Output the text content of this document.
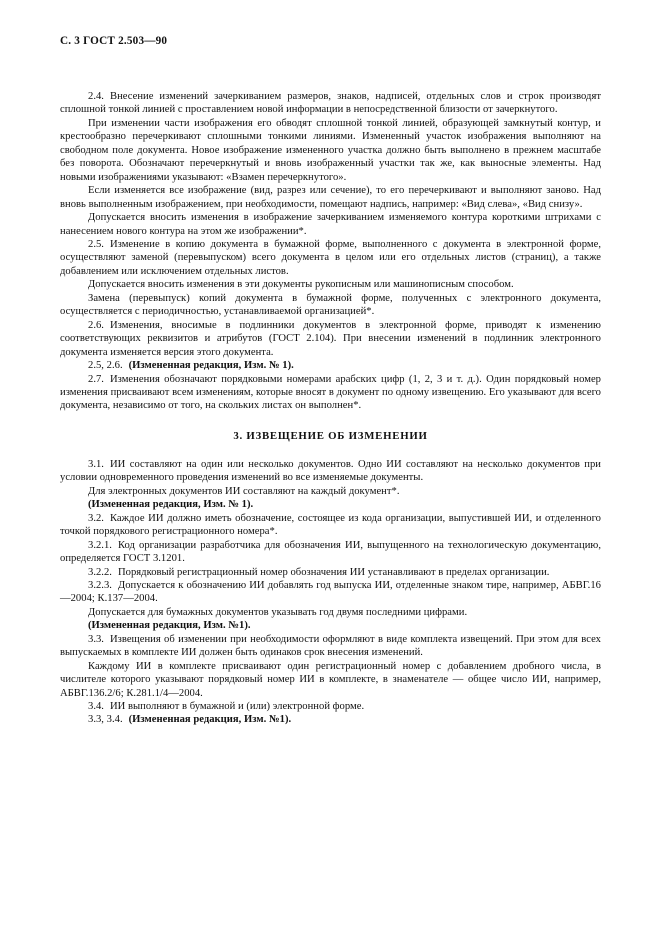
С. 3 ГОСТ 2.503—90

2.4. Внесение изменений зачеркиванием размеров, знаков, надписей, отдельных слов и строк производят сплошной тонкой линией с проставлением новой информации в непосредственной близости от зачеркнутого.

При изменении части изображения его обводят сплошной тонкой линией, образующей замкнутый контур, и крестообразно перечеркивают сплошными тонкими линиями. Измененный участок изображения выполняют на свободном поле документа. Новое изображение измененного участка должно быть выполнено в прежнем масштабе без поворота. Обозначают перечеркнутый и вновь изображенный участки так же, как выносные элементы. Над новыми изображениями указывают: «Взамен перечеркнутого».

Если изменяется все изображение (вид, разрез или сечение), то его перечеркивают и выполняют заново. Над вновь выполненным изображением, при необходимости, помещают надпись, например: «Вид слева», «Вид снизу».

Допускается вносить изменения в изображение зачеркиванием изменяемого контура короткими штрихами с нанесением нового контура на этом же изображении*.

2.5. Изменение в копию документа в бумажной форме, выполненного с документа в электронной форме, осуществляют заменой (перевыпуском) всего документа в целом или его отдельных листов (страниц), а также добавлением или исключением отдельных листов.

Допускается вносить изменения в эти документы рукописным или машинописным способом.

Замена (перевыпуск) копий документа в бумажной форме, полученных с электронного документа, осуществляется с периодичностью, устанавливаемой организацией*.

2.6. Изменения, вносимые в подлинники документов в электронной форме, приводят к изменению соответствующих реквизитов и атрибутов (ГОСТ 2.104). При внесении изменений в подлинник электронного документа изменяется версия этого документа.

2.5, 2.6. (Измененная редакция, Изм. № 1).

2.7. Изменения обозначают порядковыми номерами арабских цифр (1, 2, 3 и т. д.). Один порядковый номер изменения присваивают всем изменениям, которые вносят в документ по одному извещению. Его указывают для всего документа, независимо от того, на скольких листах он выполнен*.

3. ИЗВЕЩЕНИЕ ОБ ИЗМЕНЕНИИ

3.1. ИИ составляют на один или несколько документов. Одно ИИ составляют на несколько документов при условии одновременного проведения изменений во все изменяемые документы.

Для электронных документов ИИ составляют на каждый документ*.

(Измененная редакция, Изм. № 1).

3.2. Каждое ИИ должно иметь обозначение, состоящее из кода организации, выпустившей ИИ, и отделенного точкой порядкового регистрационного номера*.

3.2.1. Код организации разработчика для обозначения ИИ, выпущенного на технологическую документацию, определяется ГОСТ 3.1201.

3.2.2. Порядковый регистрационный номер обозначения ИИ устанавливают в пределах организации.

3.2.3. Допускается к обозначению ИИ добавлять год выпуска ИИ, отделенные знаком тире, например, АБВГ.16—2004; К.137—2004.

Допускается для бумажных документов указывать год двумя последними цифрами.

(Измененная редакция, Изм. №1).

3.3. Извещения об изменении при необходимости оформляют в виде комплекта извещений. При этом для всех выпускаемых в комплекте ИИ должен быть одинаков срок внесения изменений.

Каждому ИИ в комплекте присваивают один регистрационный номер с добавлением дробного числа, в числителе которого указывают порядковый номер ИИ в комплекте, в знаменателе — общее число ИИ, например, АБВГ.136.2/6; К.281.1/4—2004.

3.4. ИИ выполняют в бумажной и (или) электронной форме.

3.3, 3.4. (Измененная редакция, Изм. №1).
